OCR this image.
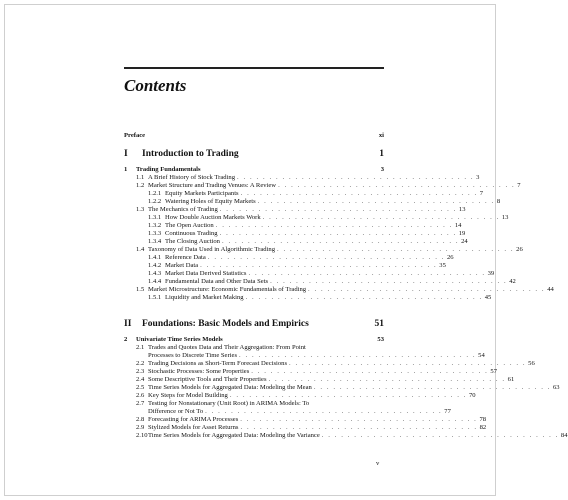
Contents
Preface	xi
I	Introduction to Trading	1
1	Trading Fundamentals	3
1.1 A Brief History of Stock Trading . . . . . . . . . . . . . . . . . . . . . . . . . . . . . . . . . . . . . 3
1.2 Market Structure and Trading Venues: A Review . . . . . . . . . . . . . . . . . . . . . . . . . . . . . . . . . . . . . 7
1.2.1 Equity Markets Participants . . . . . . . . . . . . . . . . . . . . . . . . . . . . . . . . . . . . . 7
1.2.2 Watering Holes of Equity Markets . . . . . . . . . . . . . . . . . . . . . . . . . . . . . . . . . . . . . 8
1.3 The Mechanics of Trading . . . . . . . . . . . . . . . . . . . . . . . . . . . . . . . . . . . . . 13
1.3.1 How Double Auction Markets Work . . . . . . . . . . . . . . . . . . . . . . . . . . . . . . . . . . . . . 13
1.3.2 The Open Auction . . . . . . . . . . . . . . . . . . . . . . . . . . . . . . . . . . . . . 14
1.3.3 Continuous Trading . . . . . . . . . . . . . . . . . . . . . . . . . . . . . . . . . . . . . 19
1.3.4 The Closing Auction . . . . . . . . . . . . . . . . . . . . . . . . . . . . . . . . . . . . . 24
1.4 Taxonomy of Data Used in Algorithmic Trading . . . . . . . . . . . . . . . . . . . . . . . . . . . . . . . . . . . . . 26
1.4.1 Reference Data . . . . . . . . . . . . . . . . . . . . . . . . . . . . . . . . . . . . . 26
1.4.2 Market Data . . . . . . . . . . . . . . . . . . . . . . . . . . . . . . . . . . . . . 35
1.4.3 Market Data Derived Statistics . . . . . . . . . . . . . . . . . . . . . . . . . . . . . . . . . . . . . 39
1.4.4 Fundamental Data and Other Data Sets . . . . . . . . . . . . . . . . . . . . . . . . . . . . . . . . . . . . . 42
1.5 Market Microstructure: Economic Fundamentals of Trading . . . . . . . . . . . . . . . . . . . . . . . . . . . . . . . . . . . . . 44
1.5.1 Liquidity and Market Making . . . . . . . . . . . . . . . . . . . . . . . . . . . . . . . . . . . . . 45
II	Foundations: Basic Models and Empirics	51
2	Univariate Time Series Models	53
2.1 Trades and Quotes Data and Their Aggregation: From Point
Processes to Discrete Time Series . . . . . . . . . . . . . . . . . . . . . . . . . . . . . . . . . . . . . 54
2.2 Trading Decisions as Short-Term Forecast Decisions . . . . . . . . . . . . . . . . . . . . . . . . . . . . . . . . . . . . . 56
2.3 Stochastic Processes: Some Properties . . . . . . . . . . . . . . . . . . . . . . . . . . . . . . . . . . . . . 57
2.4 Some Descriptive Tools and Their Properties . . . . . . . . . . . . . . . . . . . . . . . . . . . . . . . . . . . . . 61
2.5 Time Series Models for Aggregated Data: Modeling the Mean . . . . . . . . . . . . . . . . . . . . . . . . . . . . . . . . . . . . . 63
2.6 Key Steps for Model Building . . . . . . . . . . . . . . . . . . . . . . . . . . . . . . . . . . . . . 70
2.7 Testing for Nonstationary (Unit Root) in ARIMA Models: To
Difference or Not To . . . . . . . . . . . . . . . . . . . . . . . . . . . . . . . . . . . . . 77
2.8 Forecasting for ARIMA Processes . . . . . . . . . . . . . . . . . . . . . . . . . . . . . . . . . . . . . 78
2.9 Stylized Models for Asset Returns . . . . . . . . . . . . . . . . . . . . . . . . . . . . . . . . . . . . . 82
2.10 Time Series Models for Aggregated Data: Modeling the Variance . . . . . . . . . . . . . . . . . . . . . . . . . . . . . . . . . . . . . 84
v
